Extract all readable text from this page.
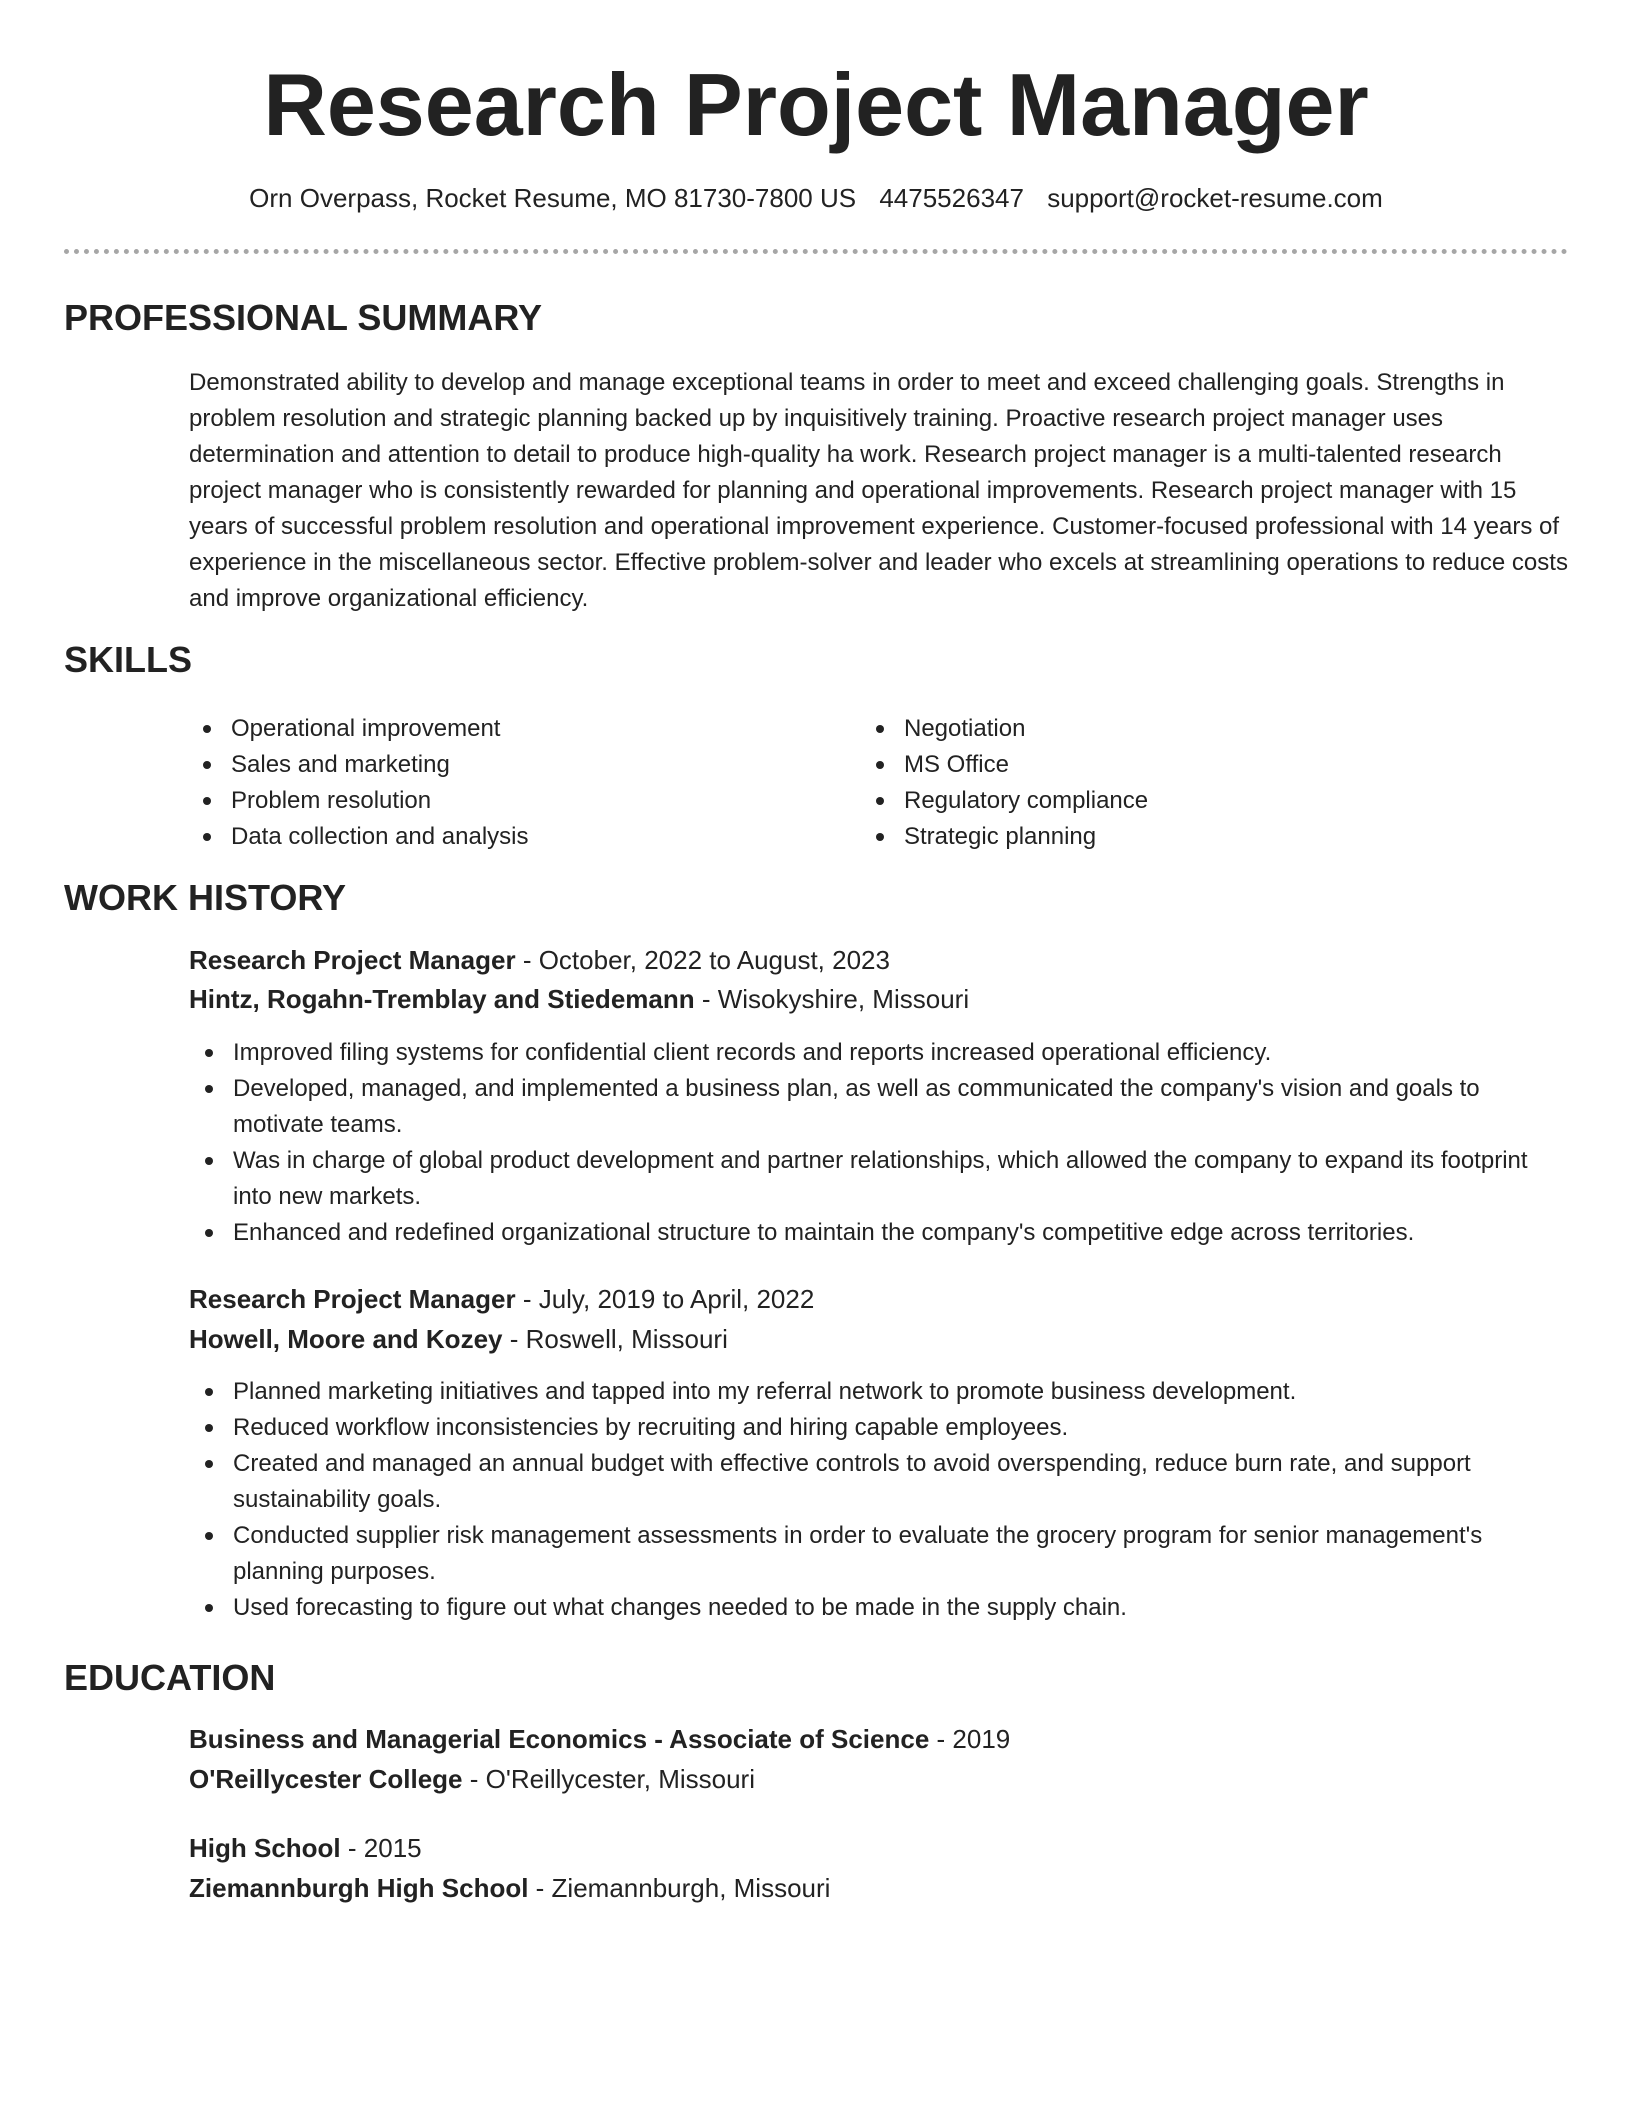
Research Project Manager
Orn Overpass, Rocket Resume, MO 81730-7800 US 4475526347 support@rocket-resume.com
PROFESSIONAL SUMMARY

Demonstrated ability to develop and manage exceptional teams in order to meet and exceed challenging goals. Strengths in problem resolution and strategic planning backed up by inquisitively training. Proactive research project manager uses determination and attention to detail to produce high-quality ha work. Research project manager is a multi-talented research project manager who is consistently rewarded for planning and operational improvements. Research project manager with 15 years of successful problem resolution and operational improvement experience. Customer-focused professional with 14 years of experience in the miscellaneous sector. Effective problem-solver and leader who excels at streamlining operations to reduce costs and improve organizational efficiency.

SKILLS
Operational improvement
Sales and marketing
Problem resolution
Data collection and analysis
Negotiation
MS Office
Regulatory compliance
Strategic planning
WORK HISTORY
Research Project Manager - October, 2022 to August, 2023
Hintz, Rogahn-Tremblay and Stiedemann - Wisokyshire, Missouri
Improved filing systems for confidential client records and reports increased operational efficiency.
Developed, managed, and implemented a business plan, as well as communicated the company's vision and goals to motivate teams.
Was in charge of global product development and partner relationships, which allowed the company to expand its footprint into new markets.
Enhanced and redefined organizational structure to maintain the company's competitive edge across territories.
Research Project Manager - July, 2019 to April, 2022
Howell, Moore and Kozey - Roswell, Missouri
Planned marketing initiatives and tapped into my referral network to promote business development.
Reduced workflow inconsistencies by recruiting and hiring capable employees.
Created and managed an annual budget with effective controls to avoid overspending, reduce burn rate, and support sustainability goals.
Conducted supplier risk management assessments in order to evaluate the grocery program for senior management's planning purposes.
Used forecasting to figure out what changes needed to be made in the supply chain.
EDUCATION
Business and Managerial Economics - Associate of Science - 2019
O'Reillycester College - O'Reillycester, Missouri
High School - 2015
Ziemannburgh High School - Ziemannburgh, Missouri
